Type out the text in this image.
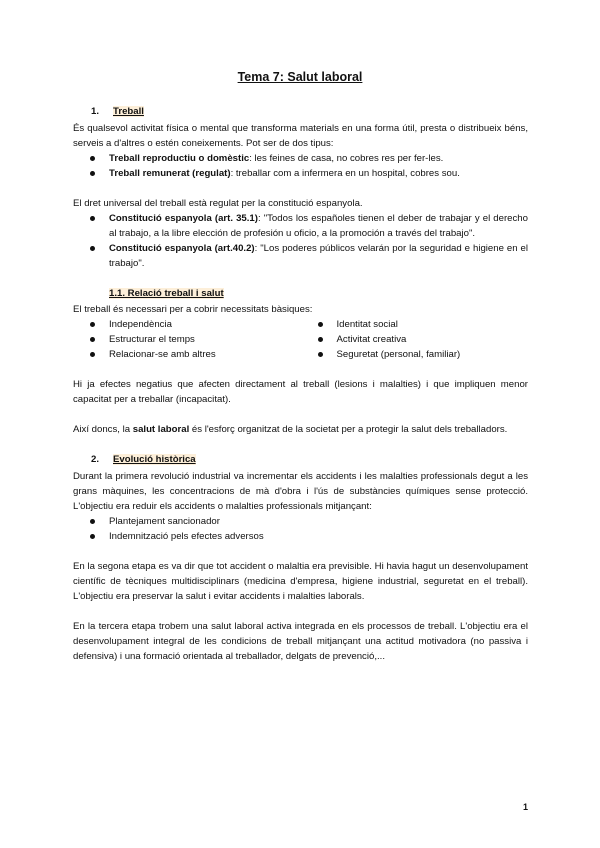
Tema 7: Salut laboral
1. Treball

És qualsevol activitat física o mental que transforma materials en una forma útil, presta o distribueix béns, serveis a d'altres o estén coneixements. Pot ser de dos tipus:

Treball reproductiu o domèstic: les feines de casa, no cobres res per fer-les.
Treball remunerat (regulat): treballar com a infermera en un hospital, cobres sou.

El dret universal del treball està regulat per la constitució espanyola.

Constitució espanyola (art. 35.1): "Todos los españoles tienen el deber de trabajar y el derecho al trabajo, a la libre elección de profesión u oficio, a la promoción a través del trabajo".
Constitució espanyola (art.40.2): "Los poderes públicos velarán por la seguridad e higiene en el trabajo".
1.1. Relació treball i salut

El treball és necessari per a cobrir necessitats bàsiques:

Independència
Estructurar el temps
Relacionar-se amb altres
Identitat social
Activitat creativa
Seguretat (personal, familiar)

Hi ja efectes negatius que afecten directament al treball (lesions i malalties) i que impliquen menor capacitat per a treballar (incapacitat).

Així doncs, la salut laboral és l'esforç organitzat de la societat per a protegir la salut dels treballadors.

2. Evolució històrica

Durant la primera revolució industrial va incrementar els accidents i les malalties professionals degut a les grans màquines, les concentracions de mà d'obra i l'ús de substàncies químiques sense protecció. L'objectiu era reduir els accidents o malalties professionals mitjançant:

Plantejament sancionador
Indemnització pels efectes adversos

En la segona etapa es va dir que tot accident o malaltia era previsible. Hi havia hagut un desenvolupament científic de tècniques multidisciplinars (medicina d'empresa, higiene industrial, seguretat en el treball). L'objectiu era preservar la salut i evitar accidents i malalties laborals.

En la tercera etapa trobem una salut laboral activa integrada en els processos de treball. L'objectiu era el desenvolupament integral de les condicions de treball mitjançant una actitud motivadora (no passiva i defensiva) i una formació orientada al treballador, delgats de prevenció,...

1
